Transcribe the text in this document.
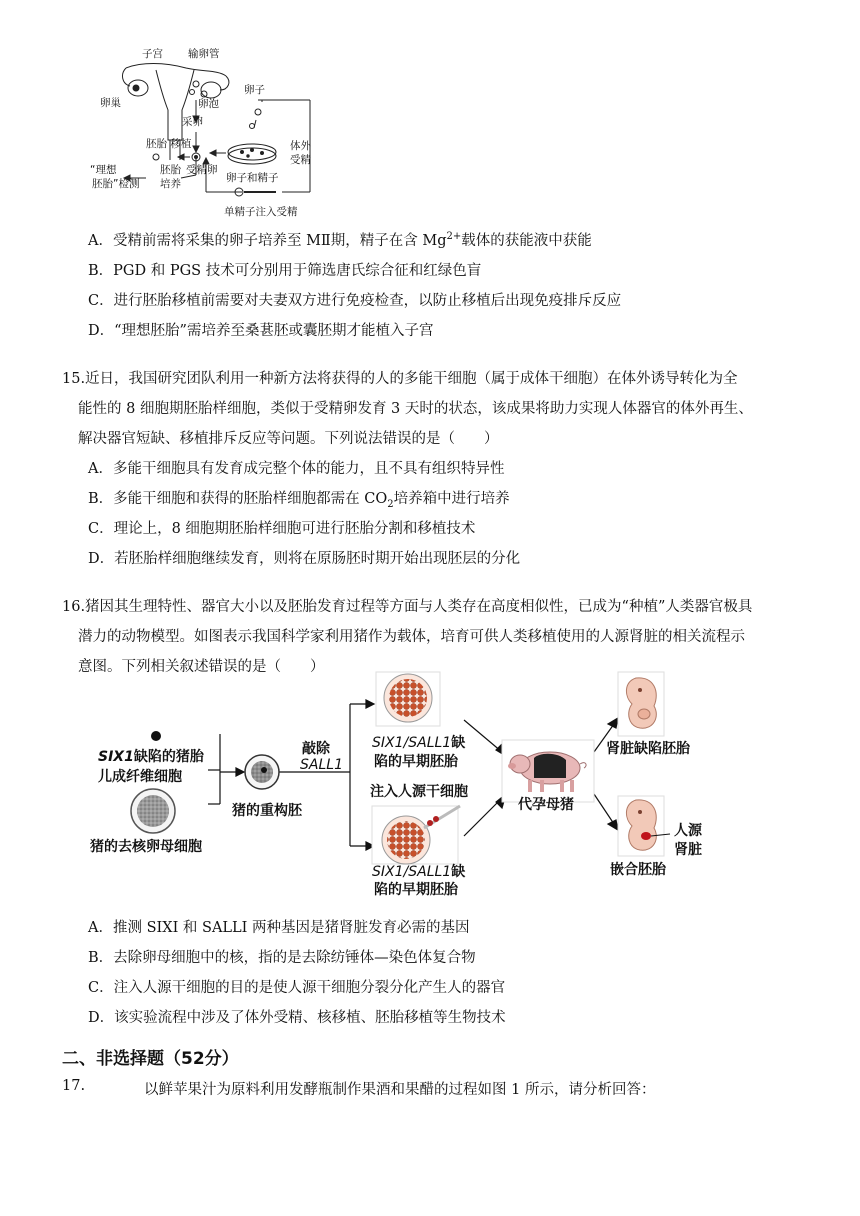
子宫 输卵管
卵巢	卵泡
卵子
采卵
体外
受精
胚胎 移植
胚胎
培养
受精卵
“理想
胚胎”检测	卵子和精子
单精子注入受精
A．受精前需将采集的卵子培养至 MⅡ期，精子在含 $Mg^{2+}$载体的获能液中获能
B．PGD 和 PGS 技术可分别用于筛选唐氏综合征和红绿色盲
C．进行胚胎移植前需要对夫妻双方进行免疫检查，以防止移植后出现免疫排斥反应
D．“理想胚胎”需培养至桑葚胚或囊胚期才能植入子宫
15.近日，我国研究团队利用一种新方法将获得的人的多能干细胞（属于成体干细胞）在体外诱导转化为全
能性的 8 细胞期胚胎样细胞，类似于受精卵发育 3 天时的状态，该成果将助力实现人体器官的体外再生、
解决器官短缺、移植排斥反应等问题。下列说法错误的是（　　）
A．多能干细胞具有发育成完整个体的能力，且不具有组织特异性
B．多能干细胞和获得的胚胎样细胞都需在 $CO_2$培养箱中进行培养
C．理论上，8 细胞期胚胎样细胞可进行胚胎分割和移植技术
D．若胚胎样细胞继续发育，则将在原肠胚时期开始出现胚层的分化
16.猪因其生理特性、器官大小以及胚胎发育过程等方面与人类存在高度相似性，已成为“种植”人类器官极具
潜力的动物模型。如图表示我国科学家利用猪作为载体，培育可供人类移植使用的人源肾脏的相关流程示
意图。下列相关叙述错误的是（　　）
SIX1缺陷的猪胎
儿成纤维细胞
猪的去核卵母细胞
猪的重构胚
敲除
SALL1
SIX1/SALL1缺
陷的早期胚胎
注入人源干细胞
SIX1/SALL1缺
陷的早期胚胎
代孕母猪
肾脏缺陷胚胎
人源
肾脏
嵌合胚胎
A．推测 SIXI 和 SALLI 两种基因是猪肾脏发育必需的基因
B．去除卵母细胞中的核，指的是去除纺锤体—染色体复合物
C．注入人源干细胞的目的是使人源干细胞分裂分化产生人的器官
D．该实验流程中涉及了体外受精、核移植、胚胎移植等生物技术
二、非选择题（52分）
17.	以鲜苹果汁为原料利用发酵瓶制作果酒和果醋的过程如图 1 所示，请分析回答：
